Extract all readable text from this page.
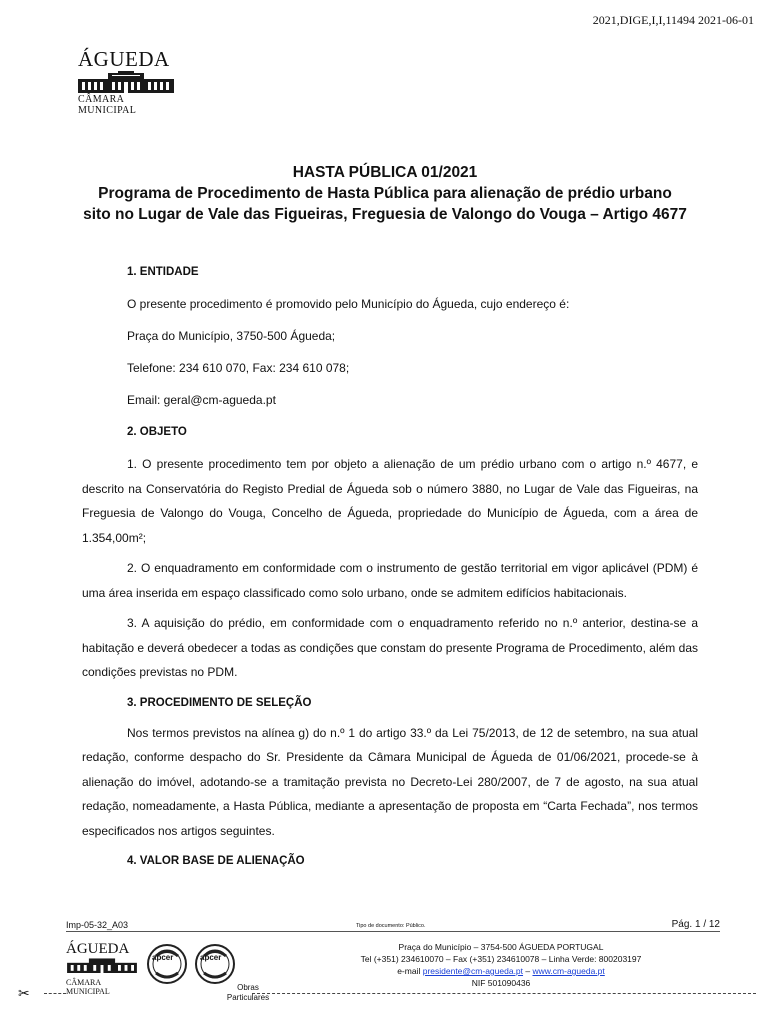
2021,DIGE,I,I,11494 2021-06-01
ÁGUEDA
CÂMARA MUNICIPAL
HASTA PÚBLICA 01/2021
Programa de Procedimento de Hasta Pública para alienação de prédio urbano
sito no Lugar de Vale das Figueiras, Freguesia de Valongo do Vouga – Artigo 4677
1. ENTIDADE
O presente procedimento é promovido pelo Município do Águeda, cujo endereço é:
Praça do Município, 3750-500 Águeda;
Telefone: 234 610 070, Fax: 234 610 078;
Email: geral@cm-agueda.pt
2. OBJETO

1. O presente procedimento tem por objeto a alienação de um prédio urbano com o artigo n.º 4677, e descrito na Conservatória do Registo Predial de Águeda sob o número 3880, no Lugar de Vale das Figueiras, na Freguesia de Valongo do Vouga, Concelho de Águeda, propriedade do Município de Águeda, com a área de 1.354,00m²;

2. O enquadramento em conformidade com o instrumento de gestão territorial em vigor aplicável (PDM) é uma área inserida em espaço classificado como solo urbano, onde se admitem edifícios habitacionais.

3. A aquisição do prédio, em conformidade com o enquadramento referido no n.º anterior, destina-se a habitação e deverá obedecer a todas as condições que constam do presente Programa de Procedimento, além das condições previstas no PDM.

3. PROCEDIMENTO DE SELEÇÃO

Nos termos previstos na alínea g) do n.º 1 do artigo 33.º da Lei 75/2013, de 12 de setembro, na sua atual redação, conforme despacho do Sr. Presidente da Câmara Municipal de Águeda de 01/06/2021, procede-se à alienação do imóvel, adotando-se a tramitação prevista no Decreto-Lei 280/2007, de 7 de agosto, na sua atual redação, nomeadamente, a Hasta Pública, mediante a apresentação de proposta em “Carta Fechada”, nos termos especificados nos artigos seguintes.

4. VALOR BASE DE ALIENAÇÃO
Imp-05-32_A03	Tipo de documento: Público.	Pág. 1 / 12
ÁGUEDA
CÂMARA MUNICIPAL
apcer	apcer
Obras
Particulares
Praça do Município – 3754-500 ÁGUEDA PORTUGAL
Tel (+351) 234610070 – Fax (+351) 234610078 – Linha Verde: 800203197
e-mail presidente@cm-agueda.pt – www.cm-agueda.pt
NIF 501090436
✂
